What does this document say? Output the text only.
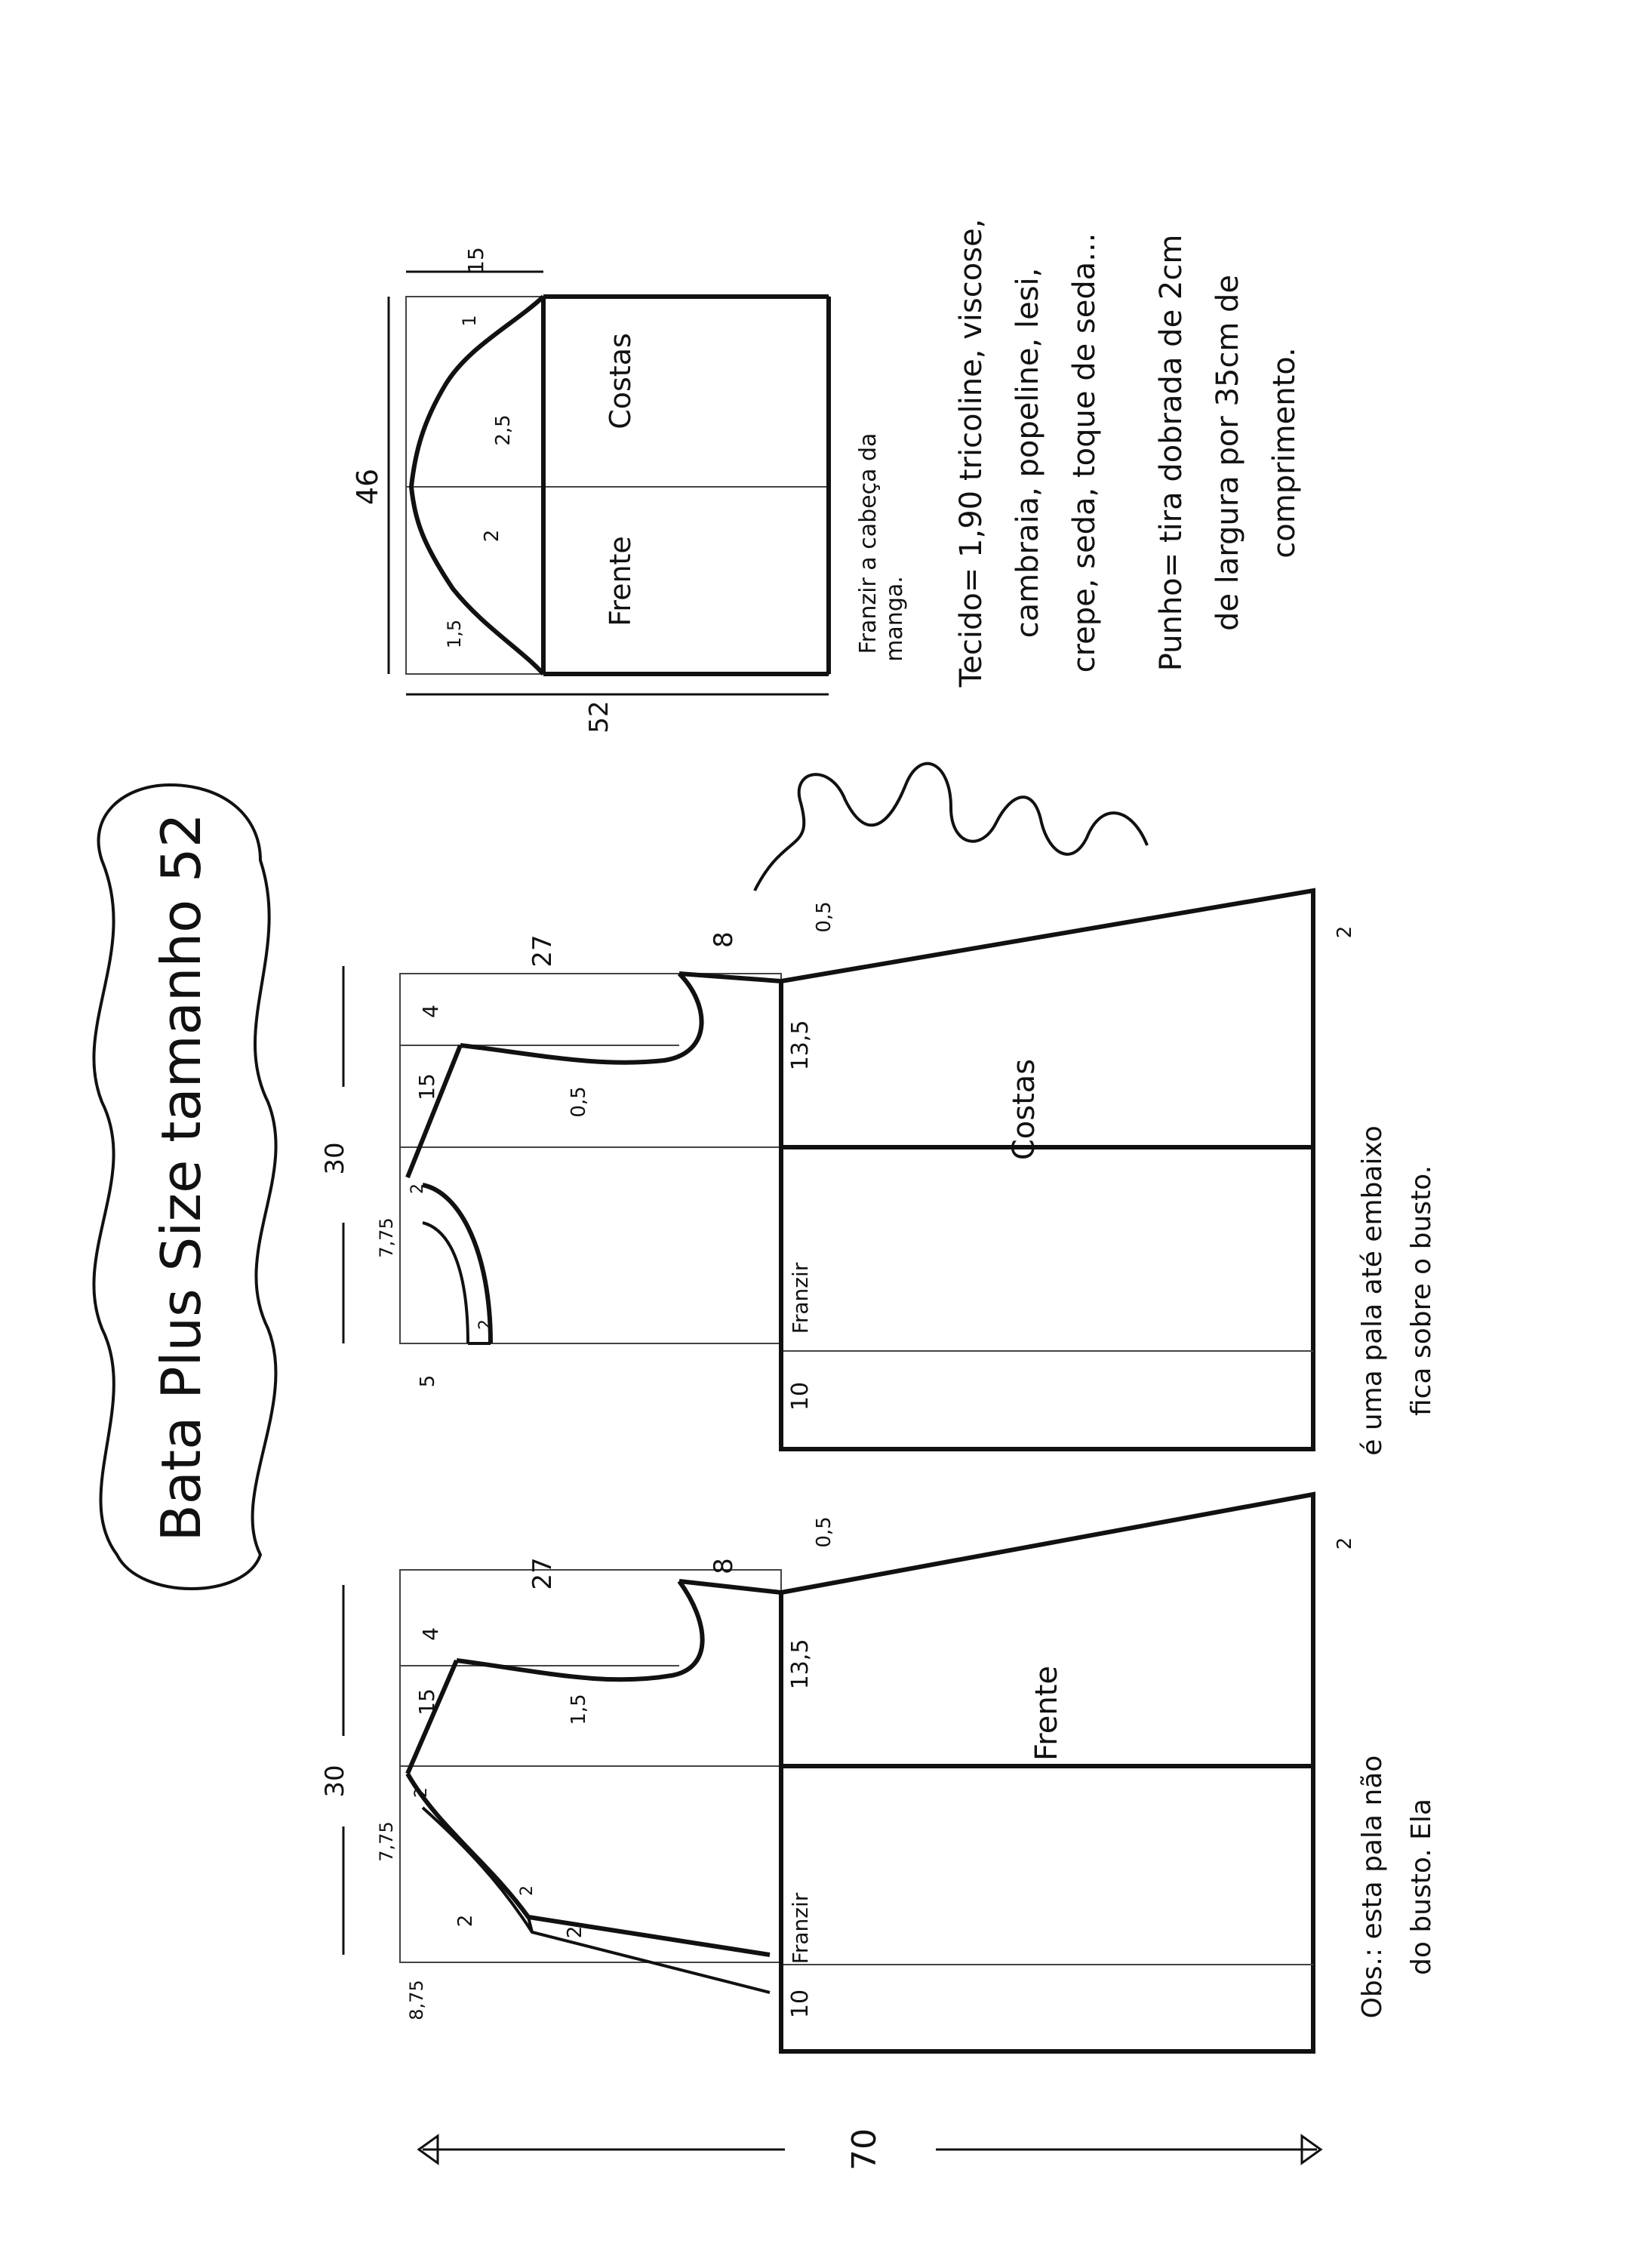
Bata Plus Size tamanho 52
70
Frente
Franzir
30
27	8
0,5	2
4
15	1,5
7,75
2
8,75
2
2
2
13,5
10	Obs.: esta pala não do busto. Ela
Costas
Franzir
30
27	8
0,5	2
4
15	0,5
7,75
2
2
5
13,5
10	é uma pala até embaixo fica sobre o busto.
Costas
Frente
46
52
15
1
2,5
2
1,5	Franzir a cabeça da manga. Tecido= 1,90 tricoline, viscose, cambraia, popeline, lesi, crepe, seda, toque de seda... Punho= tira dobrada de 2cm de largura por 35cm de comprimento.
